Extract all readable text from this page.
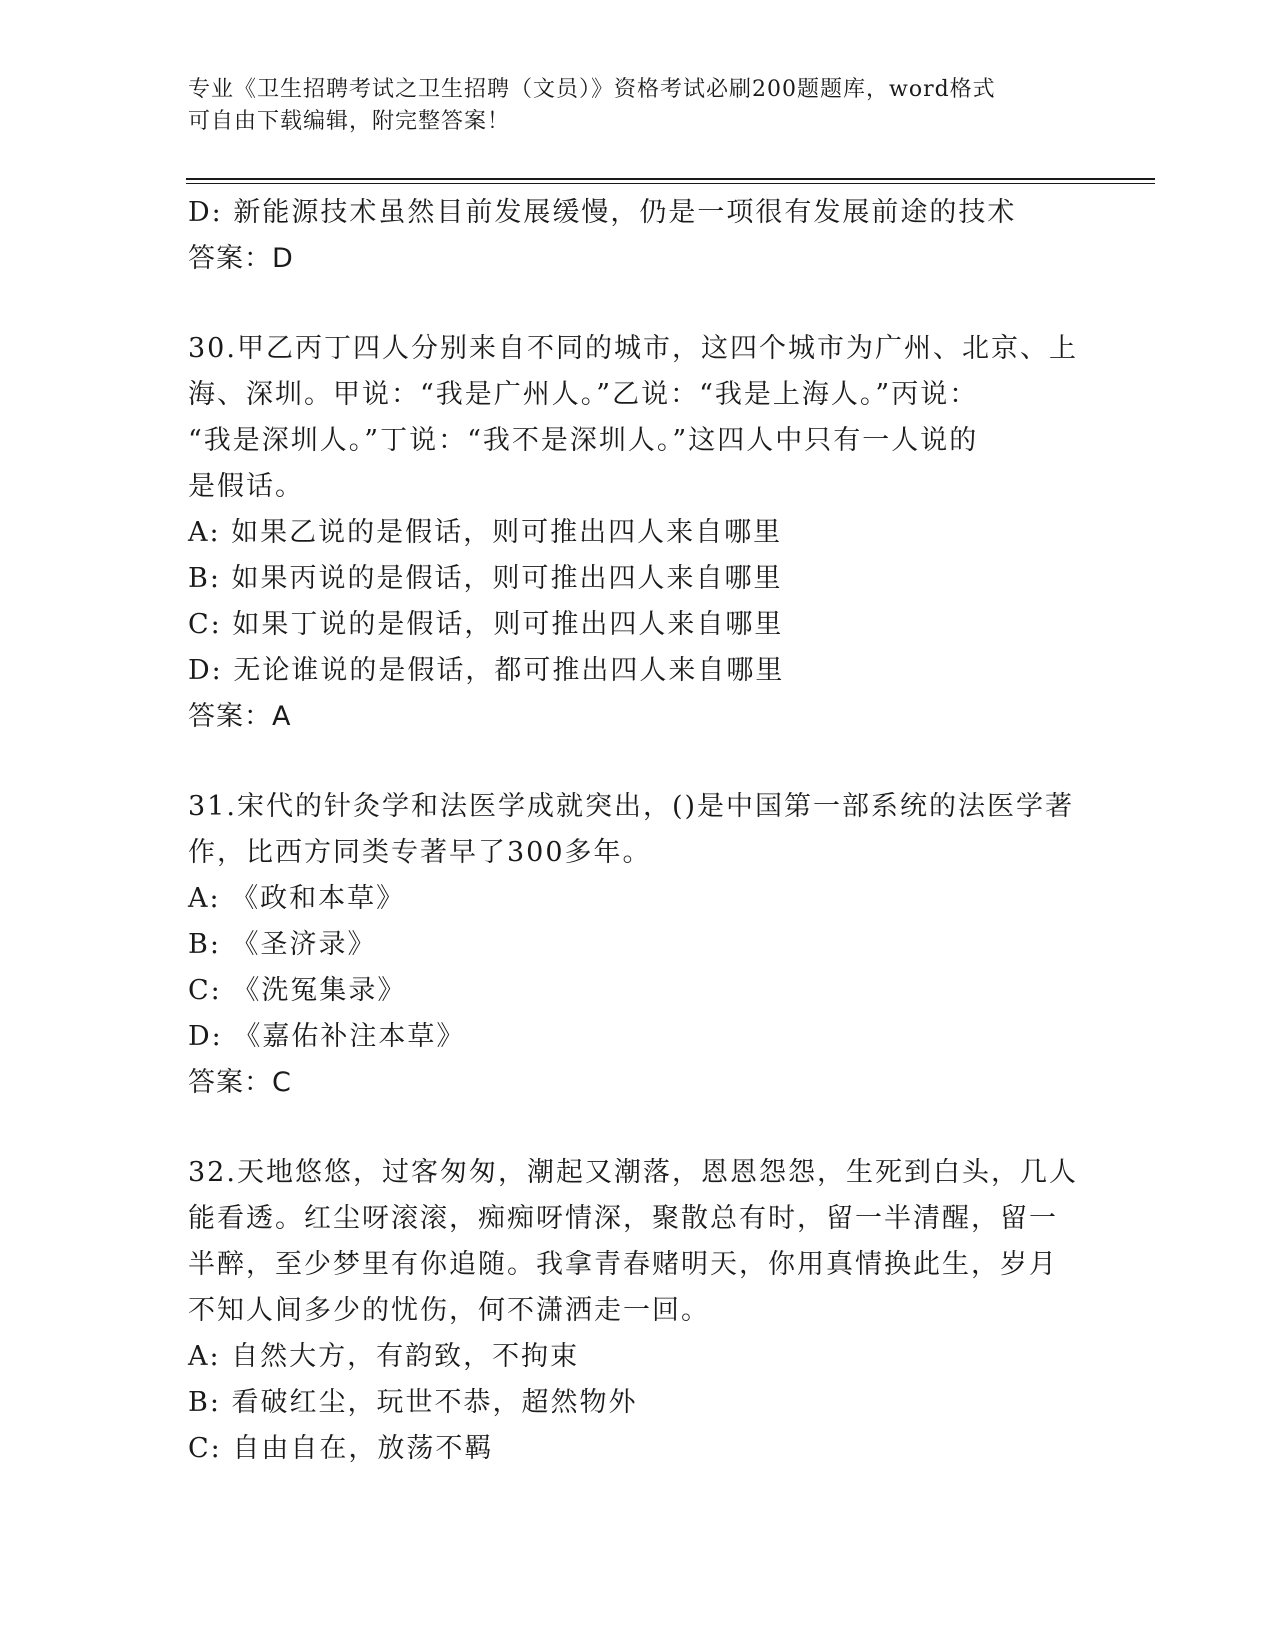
专业《卫生招聘考试之卫生招聘（文员）》资格考试必刷200题题库，word格式
可自由下载编辑，附完整答案！
D: 新能源技术虽然目前发展缓慢，仍是一项很有发展前途的技术
答案：D
30.甲乙丙丁四人分别来自不同的城市，这四个城市为广州、北京、上
海、深圳。甲说：“我是广州人。”乙说：“我是上海人。”丙说：
“我是深圳人。”丁说：“我不是深圳人。”这四人中只有一人说的
是假话。
A: 如果乙说的是假话，则可推出四人来自哪里
B: 如果丙说的是假话，则可推出四人来自哪里
C: 如果丁说的是假话，则可推出四人来自哪里
D: 无论谁说的是假话，都可推出四人来自哪里
答案：A
31.宋代的针灸学和法医学成就突出，()是中国第一部系统的法医学著
作，比西方同类专著早了300多年。
A: 《政和本草》
B: 《圣济录》
C: 《洗冤集录》
D: 《嘉佑补注本草》
答案：C
32.天地悠悠，过客匆匆，潮起又潮落，恩恩怨怨，生死到白头，几人
能看透。红尘呀滚滚，痴痴呀情深，聚散总有时，留一半清醒，留一
半醉，至少梦里有你追随。我拿青春赌明天，你用真情换此生，岁月
不知人间多少的忧伤，何不潇洒走一回。
A: 自然大方，有韵致，不拘束
B: 看破红尘，玩世不恭，超然物外
C: 自由自在，放荡不羁
